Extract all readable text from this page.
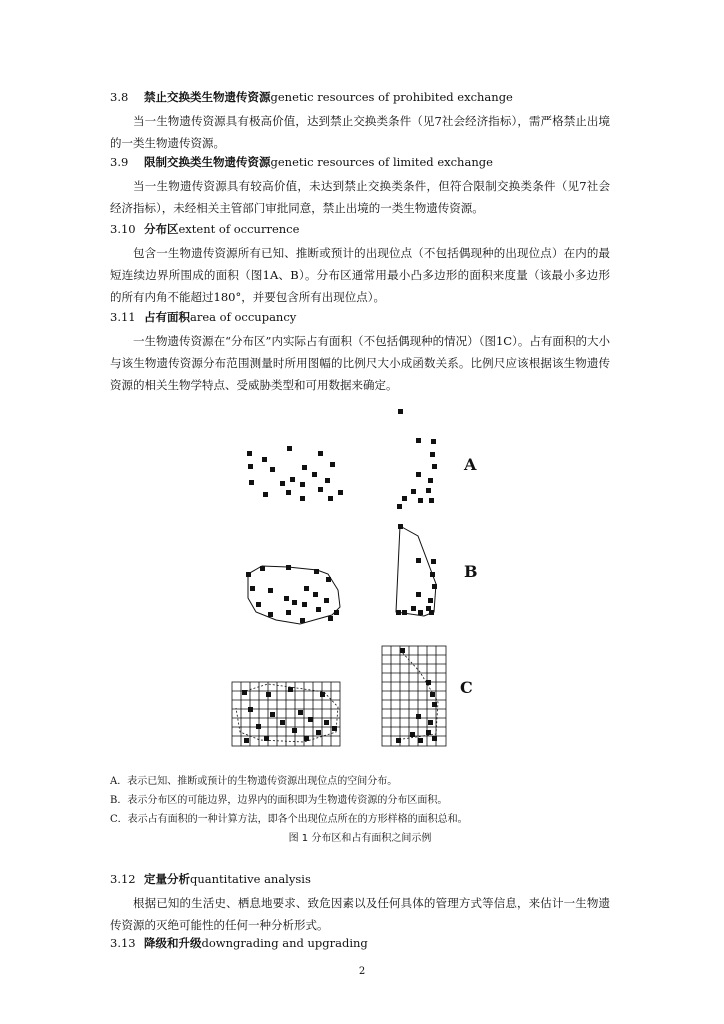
3.8 禁止交换类生物遗传资源genetic resources of prohibited exchange
当一生物遗传资源具有极高价值，达到禁止交换类条件（见7社会经济指标），需严格禁止出境的一类生物遗传资源。
3.9 限制交换类生物遗传资源genetic resources of limited exchange
当一生物遗传资源具有较高价值，未达到禁止交换类条件，但符合限制交换类条件（见7社会经济指标），未经相关主管部门审批同意，禁止出境的一类生物遗传资源。
3.10 分布区extent of occurrence
包含一生物遗传资源所有已知、推断或预计的出现位点（不包括偶现种的出现位点）在内的最短连续边界所围成的面积（图1A、B）。分布区通常用最小凸多边形的面积来度量（该最小多边形的所有内角不能超过180°，并要包含所有出现位点）。
3.11 占有面积area of occupancy
一生物遗传资源在“分布区”内实际占有面积（不包括偶现种的情况）（图1C）。占有面积的大小与该生物遗传资源分布范围测量时所用图幅的比例尺大小成函数关系。比例尺应该根据该生物遗传资源的相关生物学特点、受威胁类型和可用数据来确定。
A
B
C
A．表示已知、推断或预计的生物遗传资源出现位点的空间分布。
B．表示分布区的可能边界，边界内的面积即为生物遗传资源的分布区面积。
C．表示占有面积的一种计算方法，即各个出现位点所在的方形样格的面积总和。
图 1 分布区和占有面积之间示例
3.12 定量分析quantitative analysis
根据已知的生活史、栖息地要求、致危因素以及任何具体的管理方式等信息，来估计一生物遗传资源的灭绝可能性的任何一种分析形式。
3.13 降级和升级downgrading and upgrading
2
